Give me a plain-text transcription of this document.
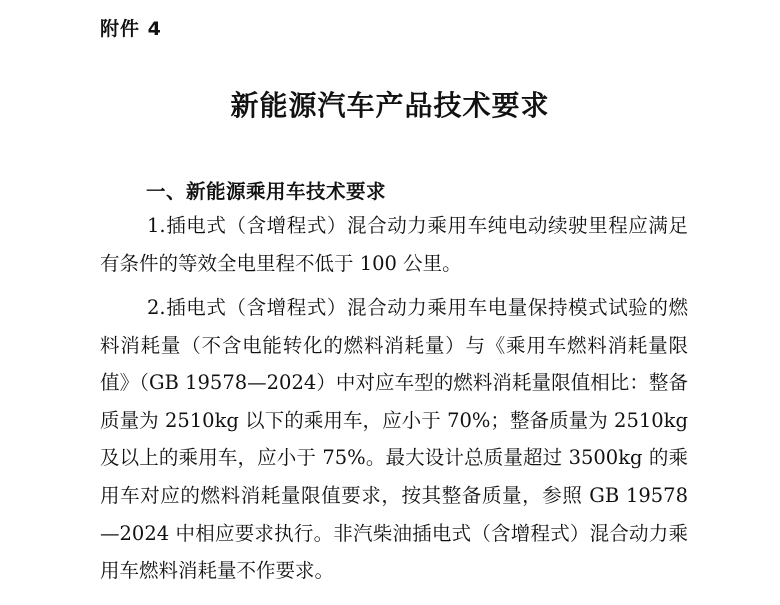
附件 4
新能源汽车产品技术要求
一、新能源乘用车技术要求

1.插电式（含增程式）混合动力乘用车纯电动续驶里程应满足有条件的等效全电里程不低于 100 公里。

2.插电式（含增程式）混合动力乘用车电量保持模式试验的燃料消耗量（不含电能转化的燃料消耗量）与《乘用车燃料消耗量限值》（GB 19578—2024）中对应车型的燃料消耗量限值相比：整备质量为 2510kg 以下的乘用车，应小于 70%；整备质量为 2510kg 及以上的乘用车，应小于 75%。最大设计总质量超过 3500kg 的乘用车对应的燃料消耗量限值要求，按其整备质量，参照 GB 19578—2024 中相应要求执行。非汽柴油插电式（含增程式）混合动力乘用车燃料消耗量不作要求。
